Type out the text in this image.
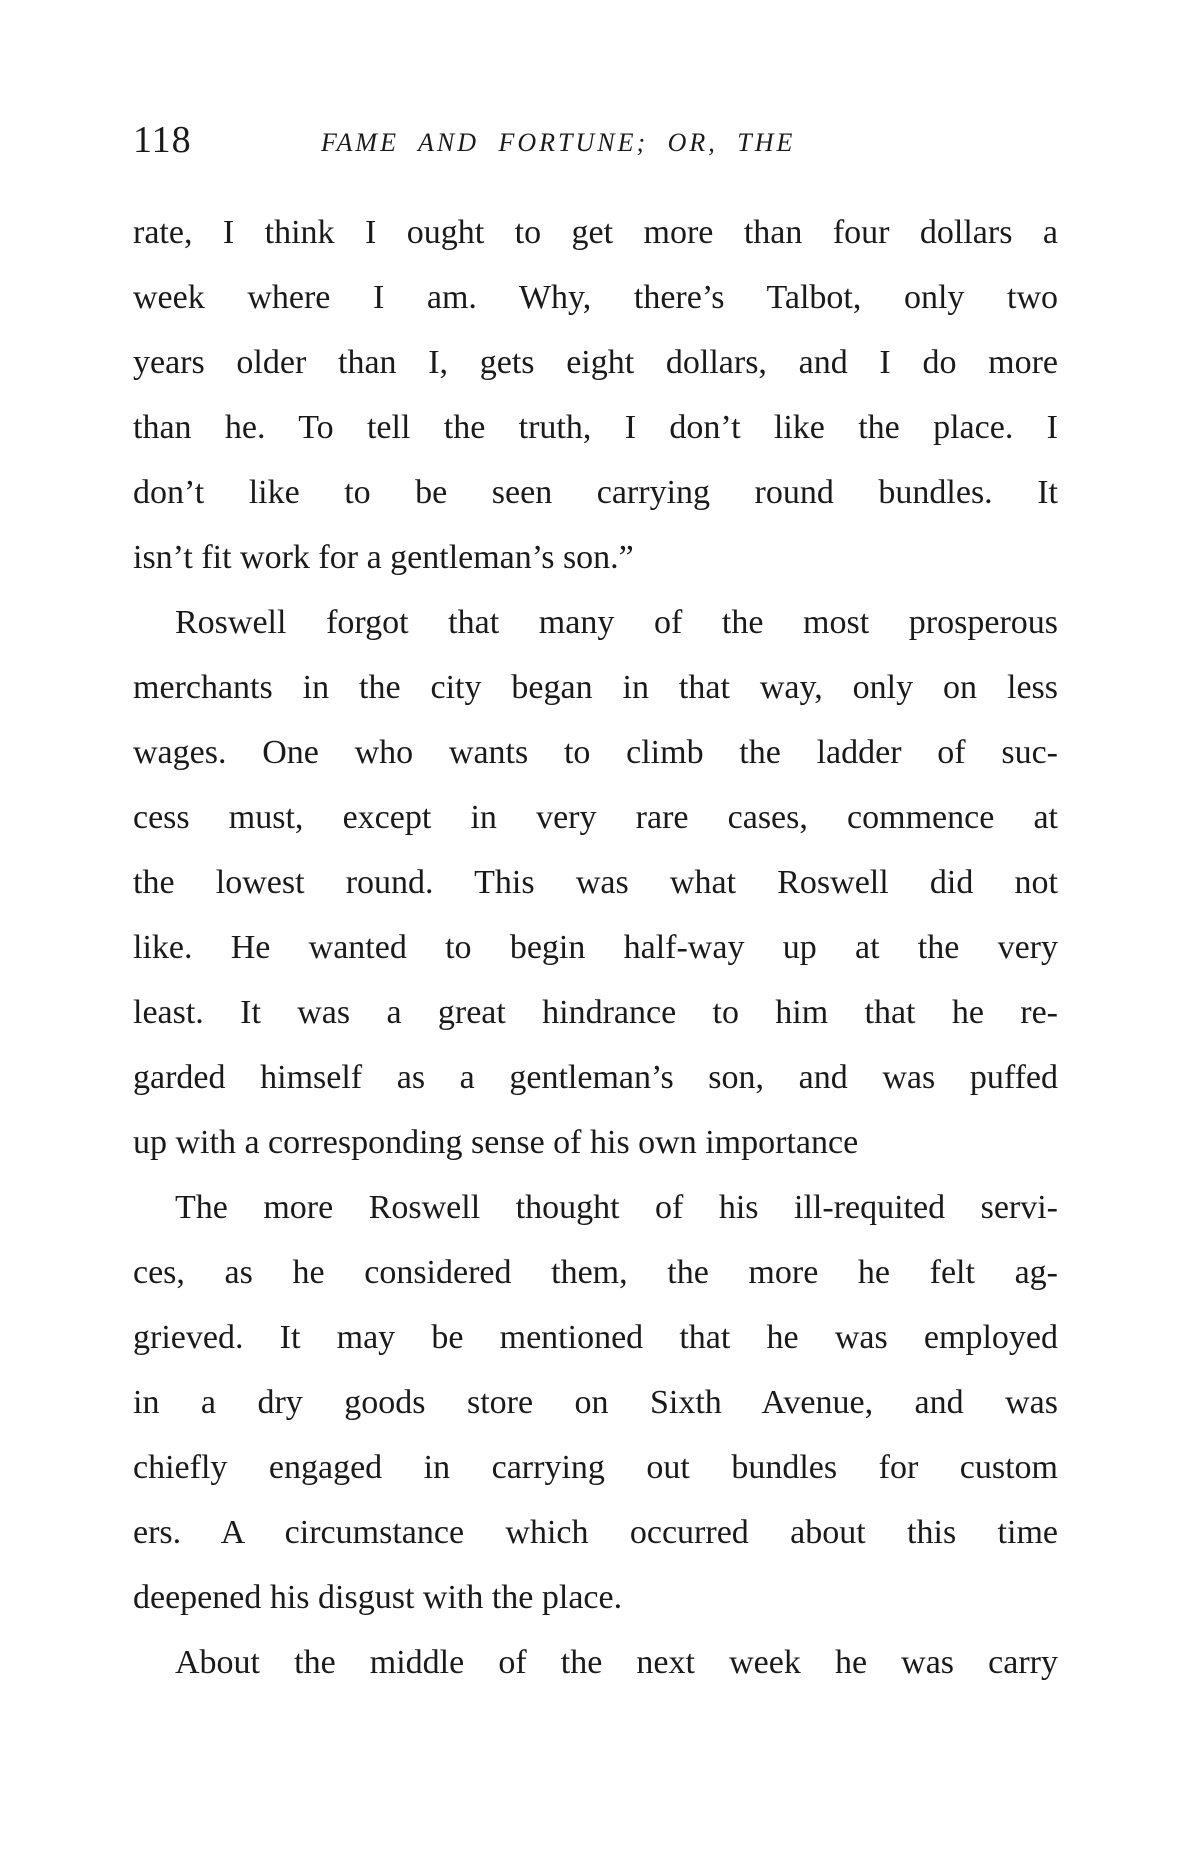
118	FAME AND FORTUNE; OR, THE
rate, I think I ought to get more than four dollars a
week where I am. Why, there’s Talbot, only two
years older than I, gets eight dollars, and I do more
than he. To tell the truth, I don’t like the place. I
don’t like to be seen carrying round bundles. It
isn’t fit work for a gentleman’s son.”
Roswell forgot that many of the most prosperous
merchants in the city began in that way, only on less
wages. One who wants to climb the ladder of suc-
cess must, except in very rare cases, commence at
the lowest round. This was what Roswell did not
like. He wanted to begin half-way up at the very
least. It was a great hindrance to him that he re-
garded himself as a gentleman’s son, and was puffed
up with a corresponding sense of his own importance
The more Roswell thought of his ill-requited servi-
ces, as he considered them, the more he felt ag-
grieved. It may be mentioned that he was employed
in a dry goods store on Sixth Avenue, and was
chiefly engaged in carrying out bundles for custom
ers. A circumstance which occurred about this time
deepened his disgust with the place.
About the middle of the next week he was carry
